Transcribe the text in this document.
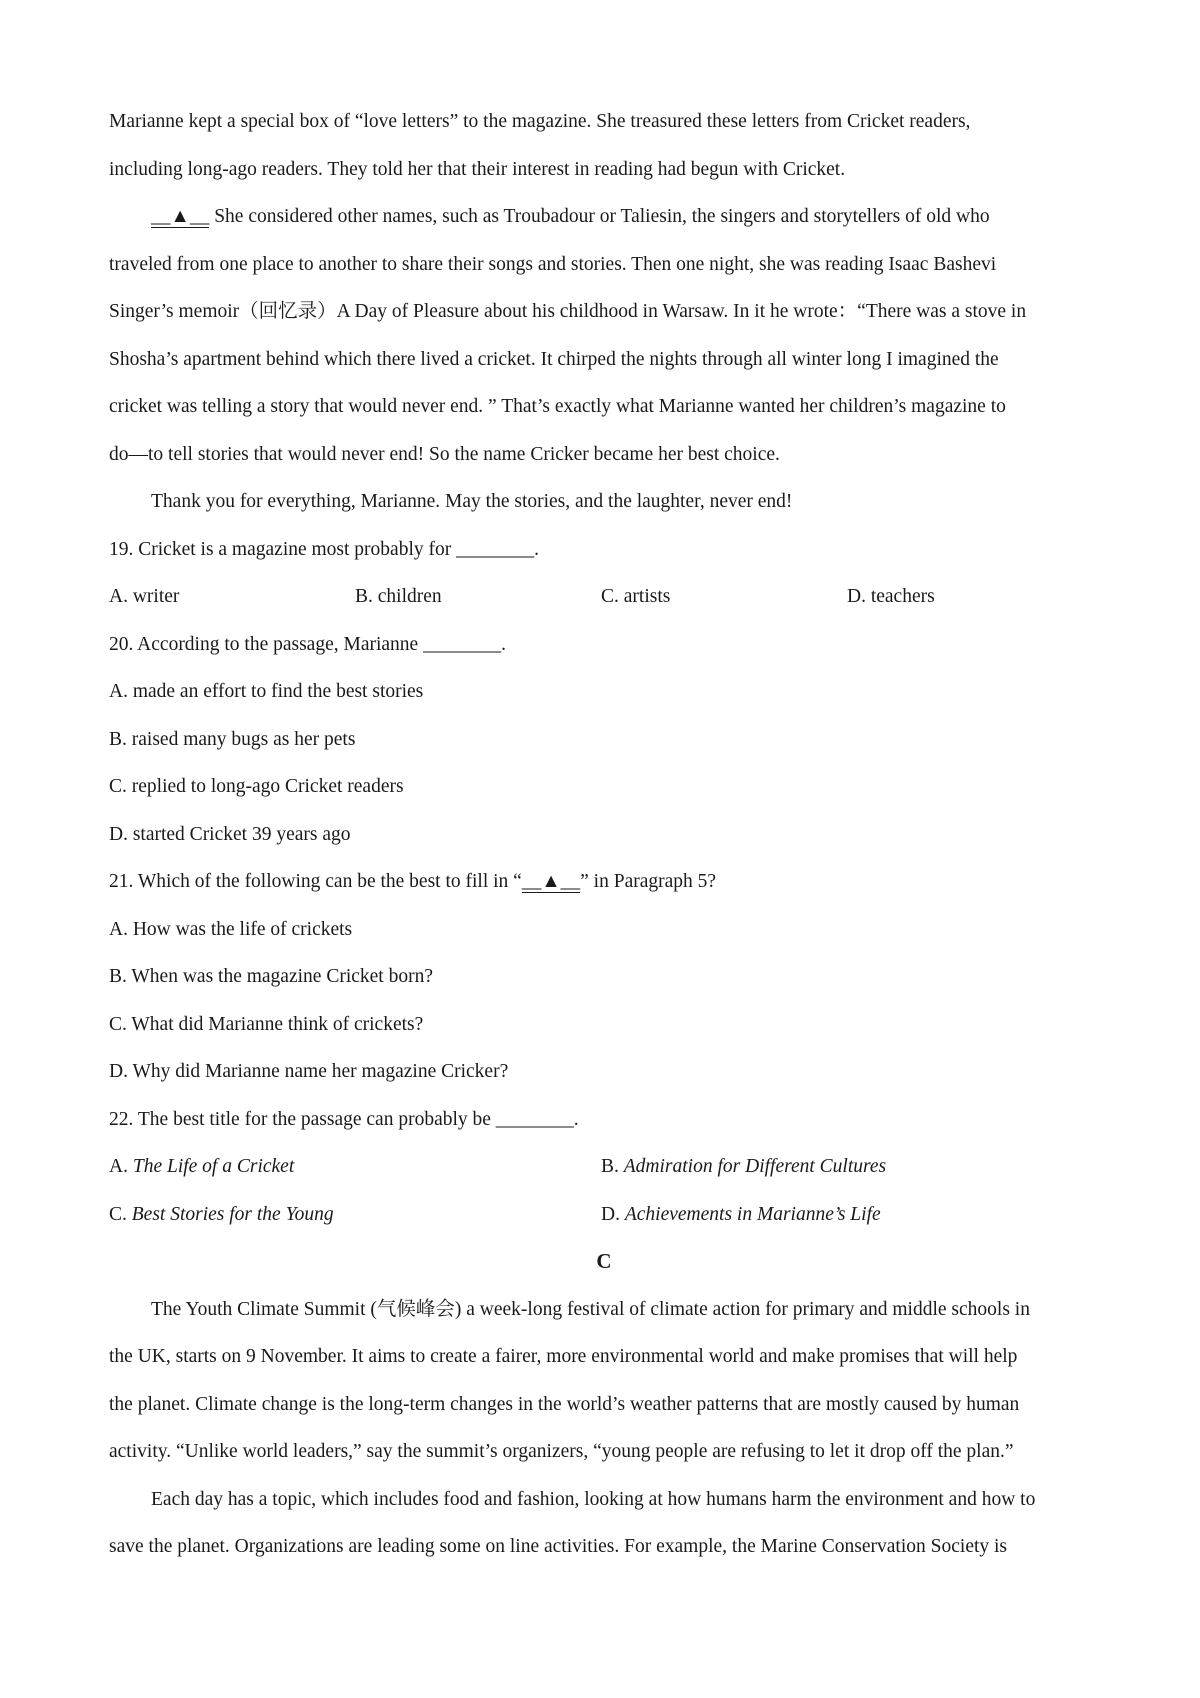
Marianne kept a special box of “love letters” to the magazine. She treasured these letters from Cricket readers,
including long-ago readers. They told her that their interest in reading had begun with Cricket.
__▲__ She considered other names, such as Troubadour or Taliesin, the singers and storytellers of old who
traveled from one place to another to share their songs and stories. Then one night, she was reading Isaac Bashevi
Singer’s memoir（回忆录）A Day of Pleasure about his childhood in Warsaw. In it he wrote：“There was a stove in
Shosha’s apartment behind which there lived a cricket. It chirped the nights through all winter long I imagined the
cricket was telling a story that would never end. ” That’s exactly what Marianne wanted her children’s magazine to
do—to tell stories that would never end! So the name Cricker became her best choice.
Thank you for everything, Marianne. May the stories, and the laughter, never end!
19. Cricket is a magazine most probably for ________.
A. writer	B. children	C. artists	D. teachers
20. According to the passage, Marianne ________.
A. made an effort to find the best stories
B. raised many bugs as her pets
C. replied to long-ago Cricket readers
D. started Cricket 39 years ago
21. Which of the following can be the best to fill in “__▲__” in Paragraph 5?
A. How was the life of crickets
B. When was the magazine Cricket born?
C. What did Marianne think of crickets?
D. Why did Marianne name her magazine Cricker?
22. The best title for the passage can probably be ________.
A. The Life of a Cricket	B. Admiration for Different Cultures
C. Best Stories for the Young	D. Achievements in Marianne’s Life
C
The Youth Climate Summit (气候峰会) a week-long festival of climate action for primary and middle schools in
the UK, starts on 9 November. It aims to create a fairer, more environmental world and make promises that will help
the planet. Climate change is the long-term changes in the world’s weather patterns that are mostly caused by human
activity. “Unlike world leaders,” say the summit’s organizers, “young people are refusing to let it drop off the plan.”
Each day has a topic, which includes food and fashion, looking at how humans harm the environment and how to
save the planet. Organizations are leading some on line activities. For example, the Marine Conservation Society is
